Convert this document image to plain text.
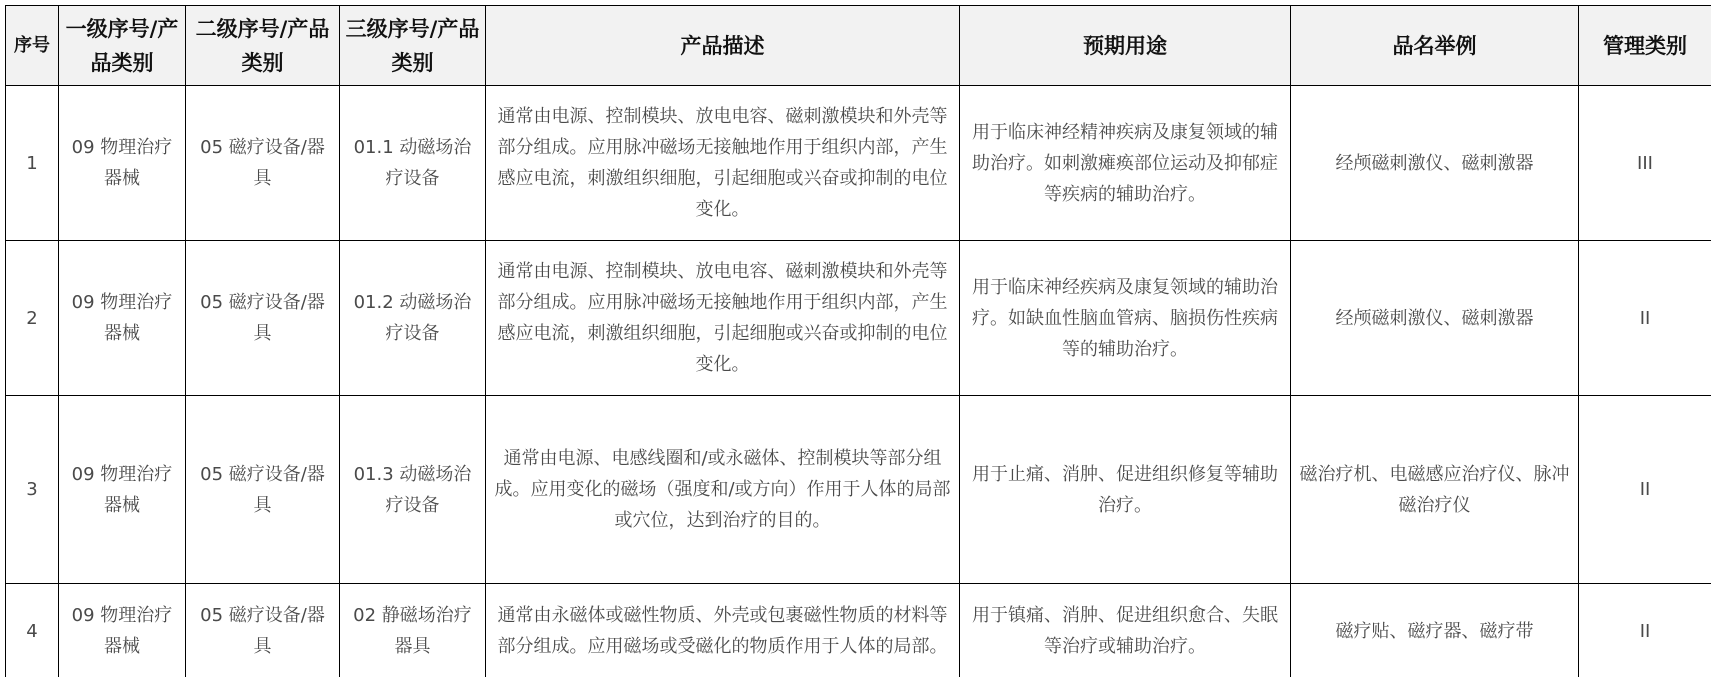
序号	一级序号/产品类别	二级序号/产品类别	三级序号/产品类别	产品描述	预期用途	品名举例	管理类别
1	09 物理治疗器械	05 磁疗设备/器具	01.1 动磁场治疗设备	通常由电源、控制模块、放电电容、磁刺激模块和外壳等部分组成。应用脉冲磁场无接触地作用于组织内部，产生感应电流，刺激组织细胞，引起细胞或兴奋或抑制的电位变化。	用于临床神经精神疾病及康复领域的辅助治疗。如刺激瘫痪部位运动及抑郁症等疾病的辅助治疗。	经颅磁刺激仪、磁刺激器	III
2	09 物理治疗器械	05 磁疗设备/器具	01.2 动磁场治疗设备	通常由电源、控制模块、放电电容、磁刺激模块和外壳等部分组成。应用脉冲磁场无接触地作用于组织内部，产生感应电流，刺激组织细胞，引起细胞或兴奋或抑制的电位变化。	用于临床神经疾病及康复领域的辅助治疗。如缺血性脑血管病、脑损伤性疾病等的辅助治疗。	经颅磁刺激仪、磁刺激器	II
3	09 物理治疗器械	05 磁疗设备/器具	01.3 动磁场治疗设备	通常由电源、电感线圈和/或永磁体、控制模块等部分组成。应用变化的磁场（强度和/或方向）作用于人体的局部或穴位，达到治疗的目的。	用于止痛、消肿、促进组织修复等辅助治疗。	磁治疗机、电磁感应治疗仪、脉冲磁治疗仪	II
4	09 物理治疗器械	05 磁疗设备/器具	02 静磁场治疗器具	通常由永磁体或磁性物质、外壳或包裹磁性物质的材料等部分组成。应用磁场或受磁化的物质作用于人体的局部。	用于镇痛、消肿、促进组织愈合、失眠等治疗或辅助治疗。	磁疗贴、磁疗器、磁疗带	II
